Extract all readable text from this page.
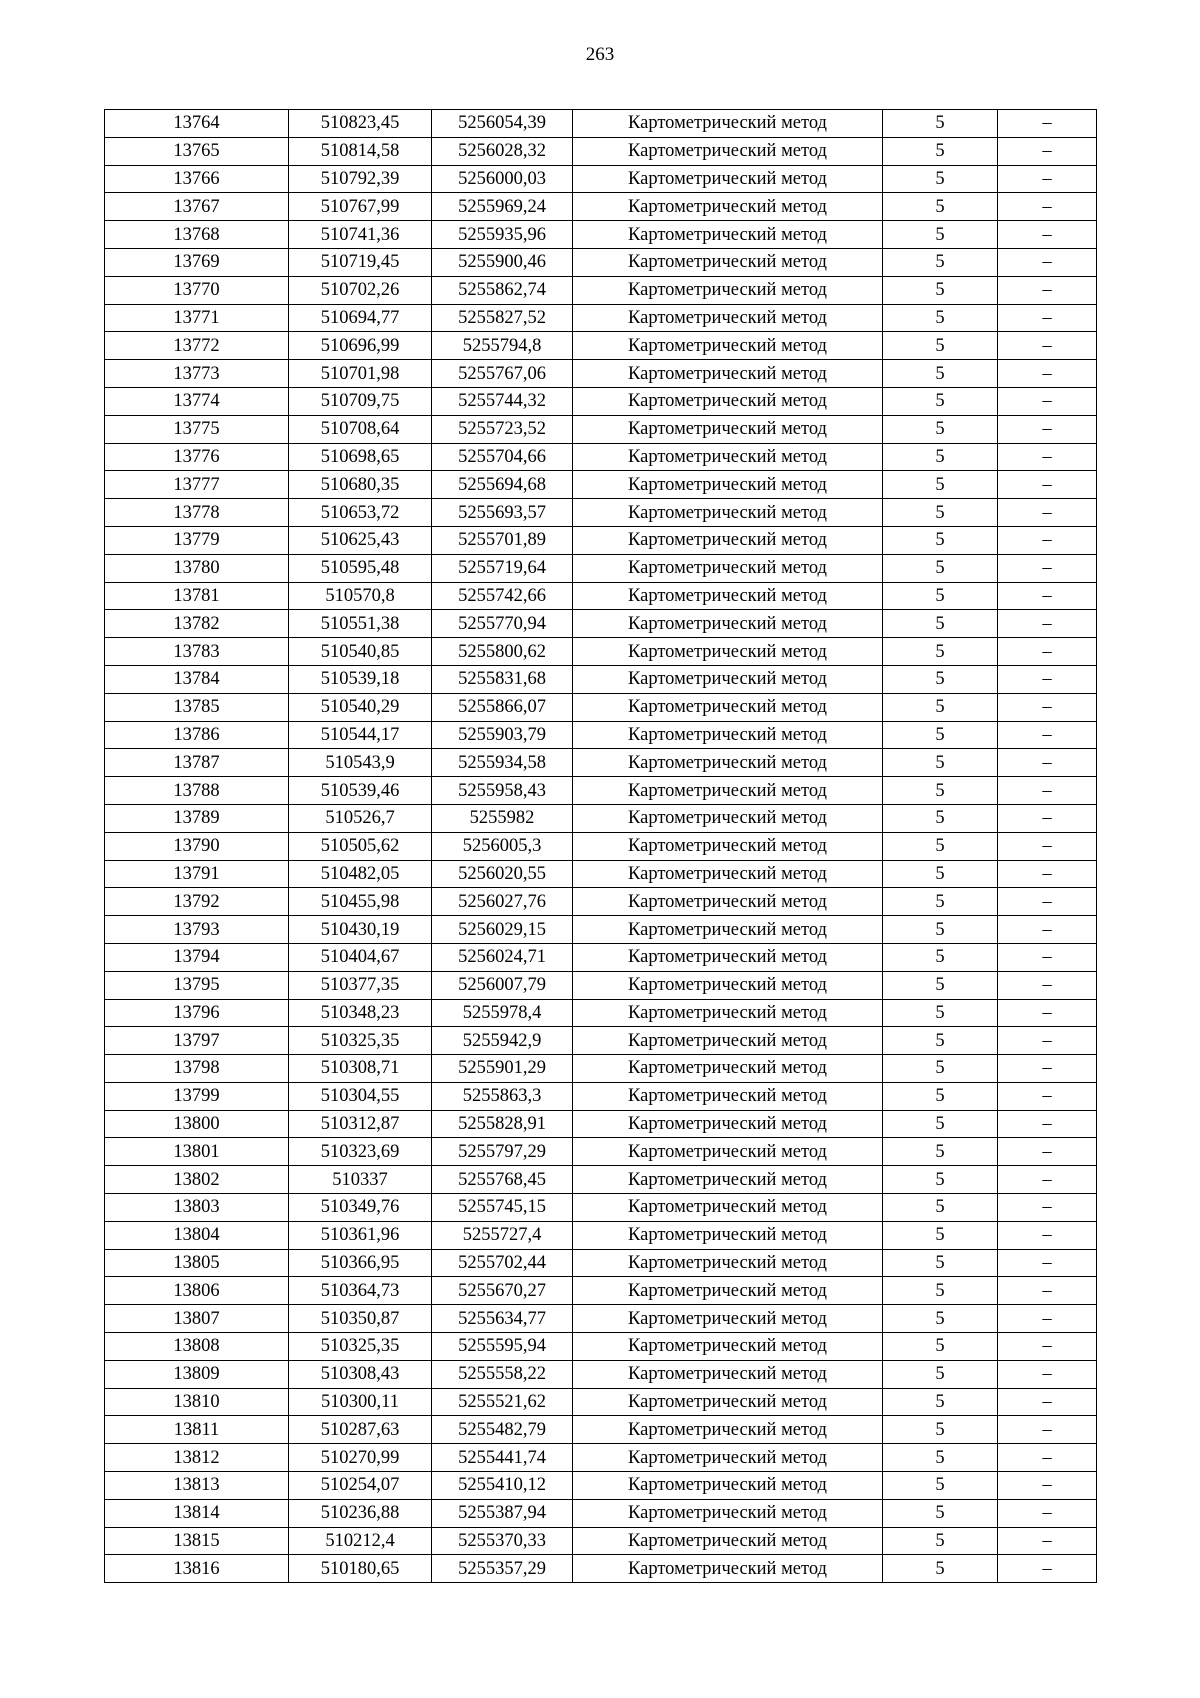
263
13764	510823,45	5256054,39	Картометрический метод	5	–
13765	510814,58	5256028,32	Картометрический метод	5	–
13766	510792,39	5256000,03	Картометрический метод	5	–
13767	510767,99	5255969,24	Картометрический метод	5	–
13768	510741,36	5255935,96	Картометрический метод	5	–
13769	510719,45	5255900,46	Картометрический метод	5	–
13770	510702,26	5255862,74	Картометрический метод	5	–
13771	510694,77	5255827,52	Картометрический метод	5	–
13772	510696,99	5255794,8	Картометрический метод	5	–
13773	510701,98	5255767,06	Картометрический метод	5	–
13774	510709,75	5255744,32	Картометрический метод	5	–
13775	510708,64	5255723,52	Картометрический метод	5	–
13776	510698,65	5255704,66	Картометрический метод	5	–
13777	510680,35	5255694,68	Картометрический метод	5	–
13778	510653,72	5255693,57	Картометрический метод	5	–
13779	510625,43	5255701,89	Картометрический метод	5	–
13780	510595,48	5255719,64	Картометрический метод	5	–
13781	510570,8	5255742,66	Картометрический метод	5	–
13782	510551,38	5255770,94	Картометрический метод	5	–
13783	510540,85	5255800,62	Картометрический метод	5	–
13784	510539,18	5255831,68	Картометрический метод	5	–
13785	510540,29	5255866,07	Картометрический метод	5	–
13786	510544,17	5255903,79	Картометрический метод	5	–
13787	510543,9	5255934,58	Картометрический метод	5	–
13788	510539,46	5255958,43	Картометрический метод	5	–
13789	510526,7	5255982	Картометрический метод	5	–
13790	510505,62	5256005,3	Картометрический метод	5	–
13791	510482,05	5256020,55	Картометрический метод	5	–
13792	510455,98	5256027,76	Картометрический метод	5	–
13793	510430,19	5256029,15	Картометрический метод	5	–
13794	510404,67	5256024,71	Картометрический метод	5	–
13795	510377,35	5256007,79	Картометрический метод	5	–
13796	510348,23	5255978,4	Картометрический метод	5	–
13797	510325,35	5255942,9	Картометрический метод	5	–
13798	510308,71	5255901,29	Картометрический метод	5	–
13799	510304,55	5255863,3	Картометрический метод	5	–
13800	510312,87	5255828,91	Картометрический метод	5	–
13801	510323,69	5255797,29	Картометрический метод	5	–
13802	510337	5255768,45	Картометрический метод	5	–
13803	510349,76	5255745,15	Картометрический метод	5	–
13804	510361,96	5255727,4	Картометрический метод	5	–
13805	510366,95	5255702,44	Картометрический метод	5	–
13806	510364,73	5255670,27	Картометрический метод	5	–
13807	510350,87	5255634,77	Картометрический метод	5	–
13808	510325,35	5255595,94	Картометрический метод	5	–
13809	510308,43	5255558,22	Картометрический метод	5	–
13810	510300,11	5255521,62	Картометрический метод	5	–
13811	510287,63	5255482,79	Картометрический метод	5	–
13812	510270,99	5255441,74	Картометрический метод	5	–
13813	510254,07	5255410,12	Картометрический метод	5	–
13814	510236,88	5255387,94	Картометрический метод	5	–
13815	510212,4	5255370,33	Картометрический метод	5	–
13816	510180,65	5255357,29	Картометрический метод	5	–
